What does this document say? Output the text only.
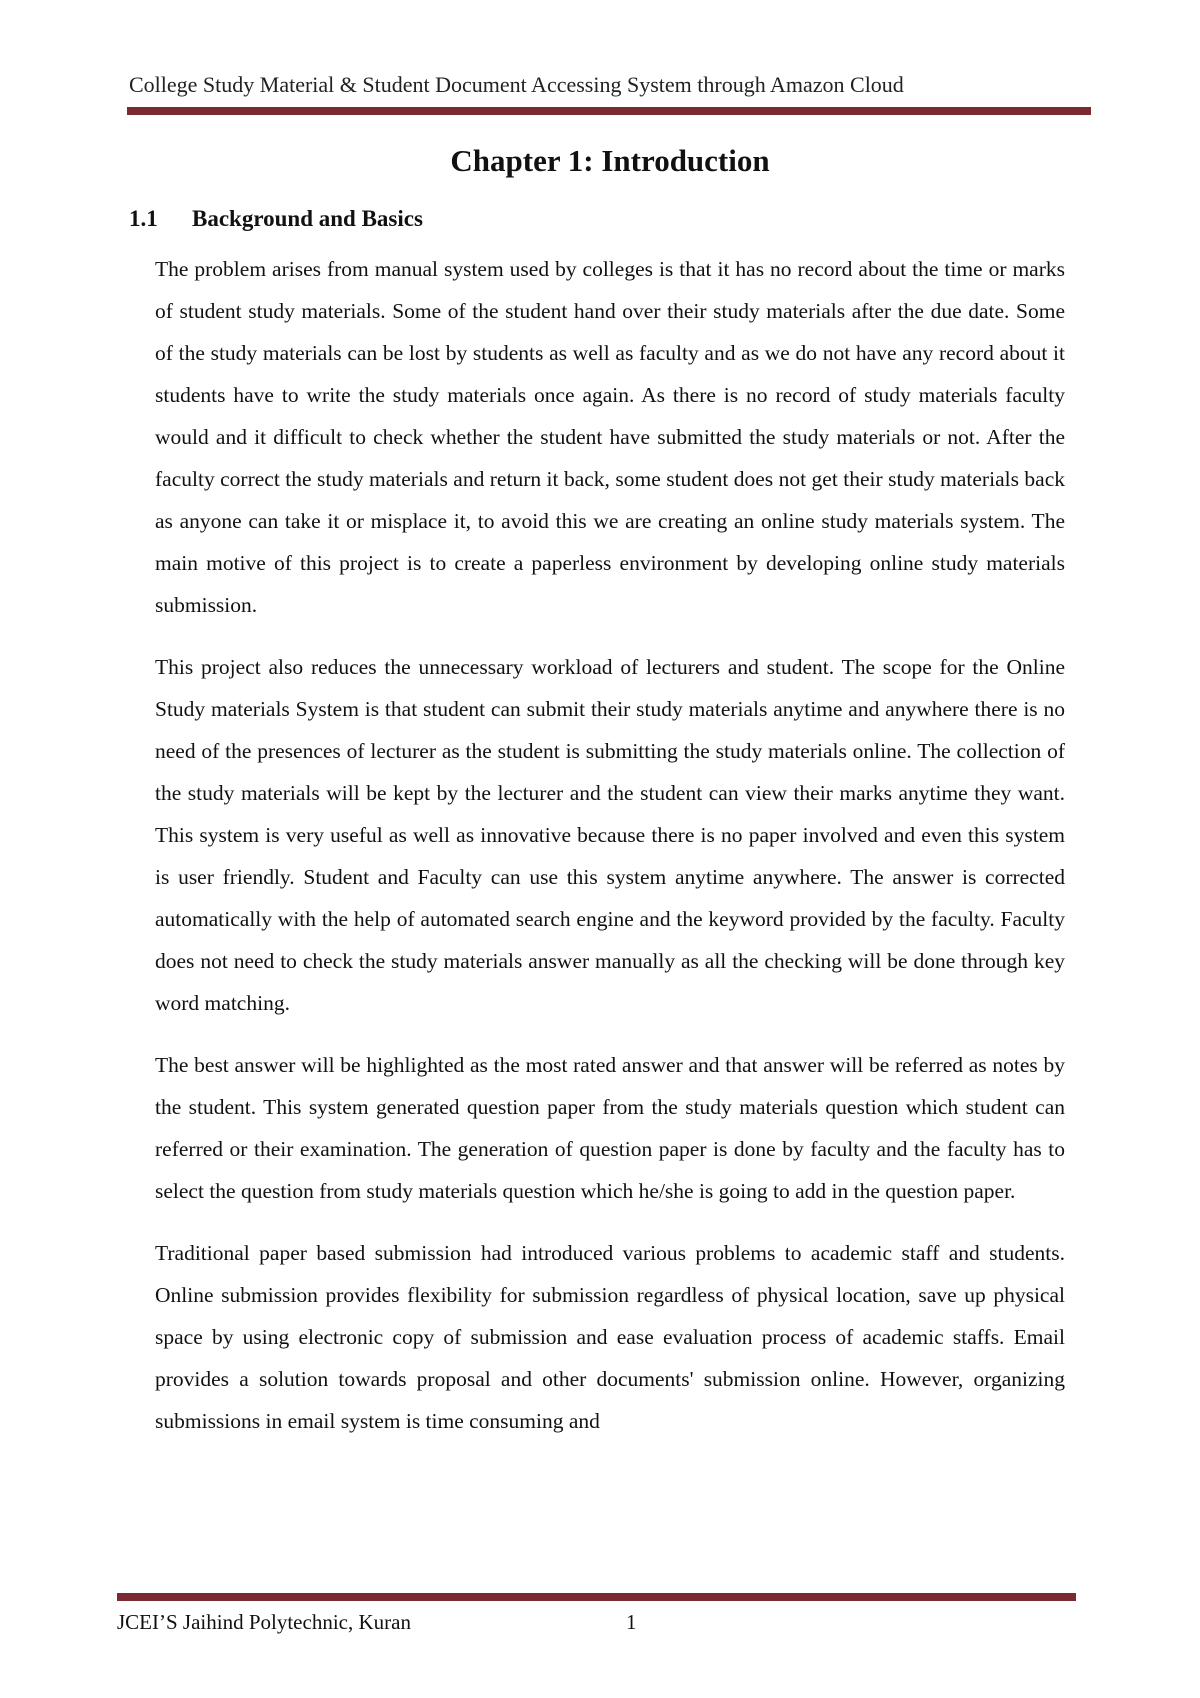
College Study Material & Student Document Accessing System through Amazon Cloud
Chapter 1: Introduction
1.1 Background and Basics

The problem arises from manual system used by colleges is that it has no record about the time or marks of student study materials. Some of the student hand over their study materials after the due date. Some of the study materials can be lost by students as well as faculty and as we do not have any record about it students have to write the study materials once again. As there is no record of study materials faculty would and it difficult to check whether the student have submitted the study materials or not. After the faculty correct the study materials and return it back, some student does not get their study materials back as anyone can take it or misplace it, to avoid this we are creating an online study materials system. The main motive of this project is to create a paperless environment by developing online study materials submission.

This project also reduces the unnecessary workload of lecturers and student. The scope for the Online Study materials System is that student can submit their study materials anytime and anywhere there is no need of the presences of lecturer as the student is submitting the study materials online. The collection of the study materials will be kept by the lecturer and the student can view their marks anytime they want. This system is very useful as well as innovative because there is no paper involved and even this system is user friendly. Student and Faculty can use this system anytime anywhere. The answer is corrected automatically with the help of automated search engine and the keyword provided by the faculty. Faculty does not need to check the study materials answer manually as all the checking will be done through key word matching.

The best answer will be highlighted as the most rated answer and that answer will be referred as notes by the student. This system generated question paper from the study materials question which student can referred or their examination. The generation of question paper is done by faculty and the faculty has to select the question from study materials question which he/she is going to add in the question paper.

Traditional paper based submission had introduced various problems to academic staff and students. Online submission provides flexibility for submission regardless of physical location, save up physical space by using electronic copy of submission and ease evaluation process of academic staffs. Email provides a solution towards proposal and other documents' submission online. However, organizing submissions in email system is time consuming and

JCEI’S Jaihind Polytechnic, Kuran	1
